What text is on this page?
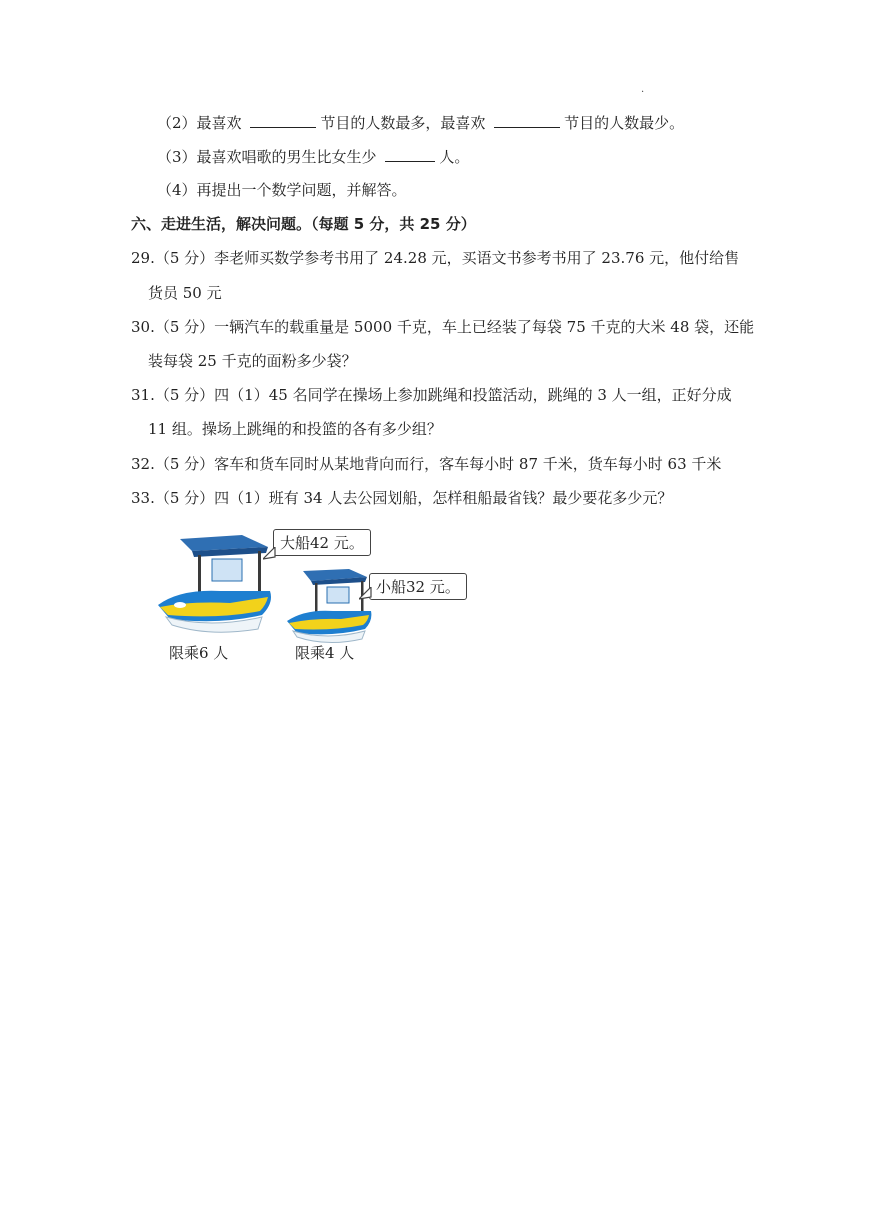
.
（2）最喜欢	节目的人数最多，最喜欢	节目的人数最少。
（3）最喜欢唱歌的男生比女生少	人。
（4）再提出一个数学问题，并解答。
六、走进生活，解决问题。（每题 5 分，共 25 分）
29.（5 分）李老师买数学参考书用了 24.28 元，买语文书参考书用了 23.76 元，他付给售
货员 50 元
30.（5 分）一辆汽车的载重量是 5000 千克，车上已经装了每袋 75 千克的大米 48 袋，还能
装每袋 25 千克的面粉多少袋？
31.（5 分）四（1）45 名同学在操场上参加跳绳和投篮活动，跳绳的 3 人一组，正好分成
11 组。操场上跳绳的和投篮的各有多少组？
32.（5 分）客车和货车同时从某地背向而行，客车每小时 87 千米，货车每小时 63 千米
33.（5 分）四（1）班有 34 人去公园划船，怎样租船最省钱？最少要花多少元？
大船42 元。
小船32 元。
限乘6 人	限乘4 人
